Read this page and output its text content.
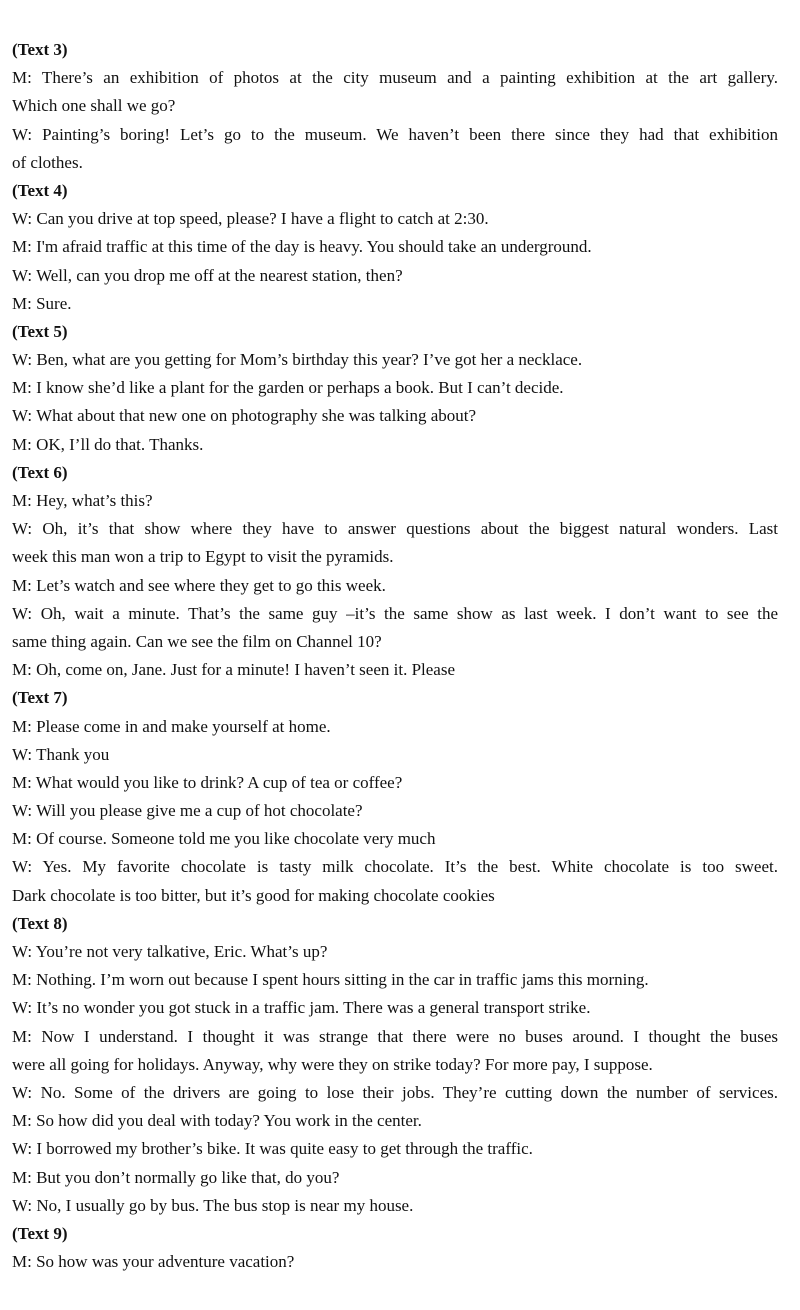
(Text 3)
M: There’s an exhibition of photos at the city museum and a painting exhibition at the art gallery.
Which one shall we go?
W: Painting’s boring! Let’s go to the museum. We haven’t been there since they had that exhibition
of clothes.
(Text 4)
W: Can you drive at top speed, please? I have a flight to catch at 2:30.
M: I'm afraid traffic at this time of the day is heavy. You should take an underground.
W: Well, can you drop me off at the nearest station, then?
M: Sure.
(Text 5)
W: Ben, what are you getting for Mom’s birthday this year? I’ve got her a necklace.
M: I know she’d like a plant for the garden or perhaps a book. But I can’t decide.
W: What about that new one on photography she was talking about?
M: OK, I’ll do that. Thanks.
(Text 6)
M: Hey, what’s this?
W: Oh, it’s that show where they have to answer questions about the biggest natural wonders. Last
week this man won a trip to Egypt to visit the pyramids.
M: Let’s watch and see where they get to go this week.
W: Oh, wait a minute. That’s the same guy –it’s the same show as last week. I don’t want to see the
same thing again. Can we see the film on Channel 10?
M: Oh, come on, Jane. Just for a minute! I haven’t seen it. Please
(Text 7)
M: Please come in and make yourself at home.
W: Thank you
M: What would you like to drink? A cup of tea or coffee?
W: Will you please give me a cup of hot chocolate?
M: Of course. Someone told me you like chocolate very much
W: Yes. My favorite chocolate is tasty milk chocolate. It’s the best. White chocolate is too sweet.
Dark chocolate is too bitter, but it’s good for making chocolate cookies
(Text 8)
W: You’re not very talkative, Eric. What’s up?
M: Nothing. I’m worn out because I spent hours sitting in the car in traffic jams this morning.
W: It’s no wonder you got stuck in a traffic jam. There was a general transport strike.
M: Now I understand. I thought it was strange that there were no buses around. I thought the buses
were all going for holidays. Anyway, why were they on strike today? For more pay, I suppose.
W: No. Some of the drivers are going to lose their jobs. They’re cutting down the number of services.
M: So how did you deal with today? You work in the center.
W: I borrowed my brother’s bike. It was quite easy to get through the traffic.
M: But you don’t normally go like that, do you?
W: No, I usually go by bus. The bus stop is near my house.
(Text 9)
M: So how was your adventure vacation?
